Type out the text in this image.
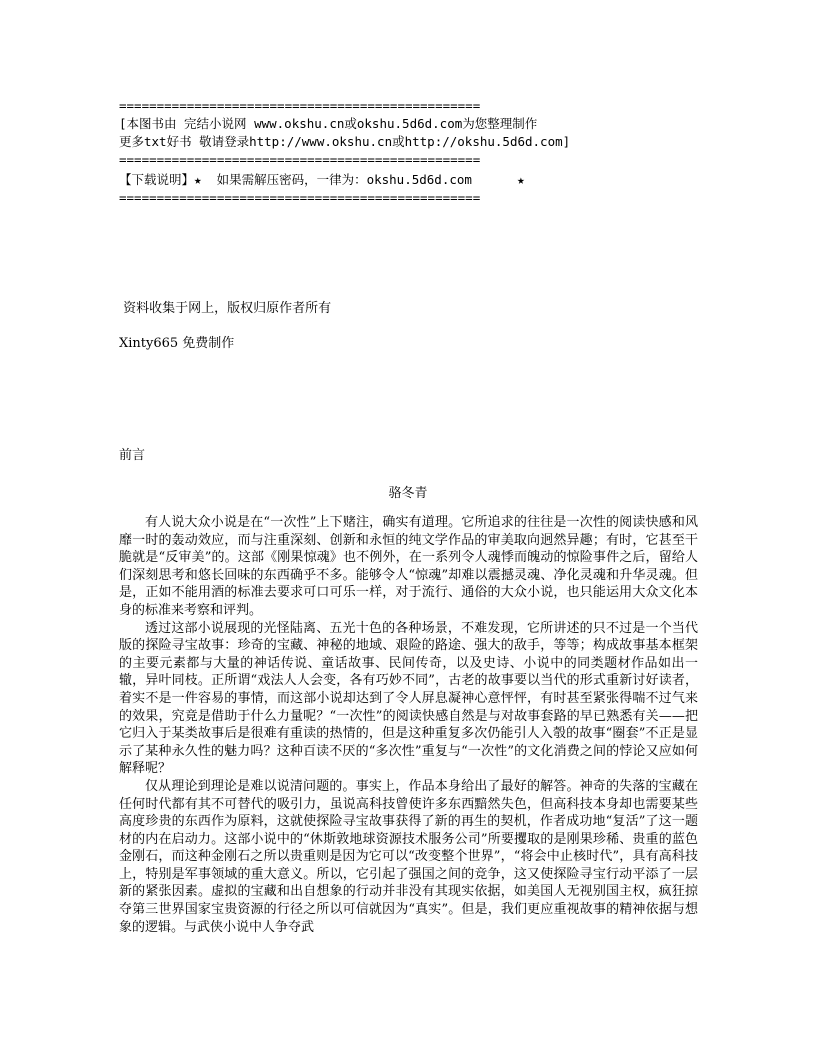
================================================
[本图书由 完结小说网 www.okshu.cn或okshu.5d6d.com为您整理制作
更多txt好书 敬请登录http://www.okshu.cn或http://okshu.5d6d.com]
================================================
【下载说明】★  如果需解压密码，一律为：okshu.5d6d.com      ★
================================================
资料收集于网上，版权归原作者所有
Xinty665 免费制作
前言
骆冬青

有人说大众小说是在“一次性”上下赌注，确实有道理。它所追求的往往是一次性的阅读快感和风靡一时的轰动效应，而与注重深刻、创新和永恒的纯文学作品的审美取向迥然异趣；有时，它甚至干脆就是“反审美”的。这部《刚果惊魂》也不例外，在一系列令人魂悸而魄动的惊险事件之后，留给人们深刻思考和悠长回味的东西确乎不多。能够令人“惊魂”却难以震撼灵魂、净化灵魂和升华灵魂。但是，正如不能用酒的标准去要求可口可乐一样，对于流行、通俗的大众小说，也只能运用大众文化本身的标准来考察和评判。

透过这部小说展现的光怪陆离、五光十色的各种场景，不难发现，它所讲述的只不过是一个当代版的探险寻宝故事：珍奇的宝藏、神秘的地域、艰险的路途、强大的敌手，等等；构成故事基本框架的主要元素都与大量的神话传说、童话故事、民间传奇，以及史诗、小说中的同类题材作品如出一辙，异叶同枝。正所谓“戏法人人会变，各有巧妙不同”，古老的故事要以当代的形式重新讨好读者，着实不是一件容易的事情，而这部小说却达到了令人屏息凝神心意怦怦，有时甚至紧张得喘不过气来的效果，究竟是借助于什么力量呢？“一次性”的阅读快感自然是与对故事套路的早已熟悉有关——把它归入于某类故事后是很难有重读的热情的，但是这种重复多次仍能引人入彀的故事“圈套”不正是显示了某种永久性的魅力吗？这种百读不厌的“多次性”重复与“一次性”的文化消费之间的悖论又应如何解释呢？

仅从理论到理论是难以说清问题的。事实上，作品本身给出了最好的解答。神奇的失落的宝藏在任何时代都有其不可替代的吸引力，虽说高科技曾使许多东西黯然失色，但高科技本身却也需要某些高度珍贵的东西作为原料，这就使探险寻宝故事获得了新的再生的契机，作者成功地“复活”了这一题材的内在启动力。这部小说中的“休斯敦地球资源技术服务公司”所要攫取的是刚果珍稀、贵重的蓝色金刚石，而这种金刚石之所以贵重则是因为它可以“改变整个世界”，“将会中止核时代”，具有高科技上，特别是军事领域的重大意义。所以，它引起了强国之间的竞争，这又使探险寻宝行动平添了一层新的紧张因素。虚拟的宝藏和出自想象的行动并非没有其现实依据，如美国人无视别国主权，疯狂掠夺第三世界国家宝贵资源的行径之所以可信就因为“真实”。但是，我们更应重视故事的精神依据与想象的逻辑。与武侠小说中人争夺武
